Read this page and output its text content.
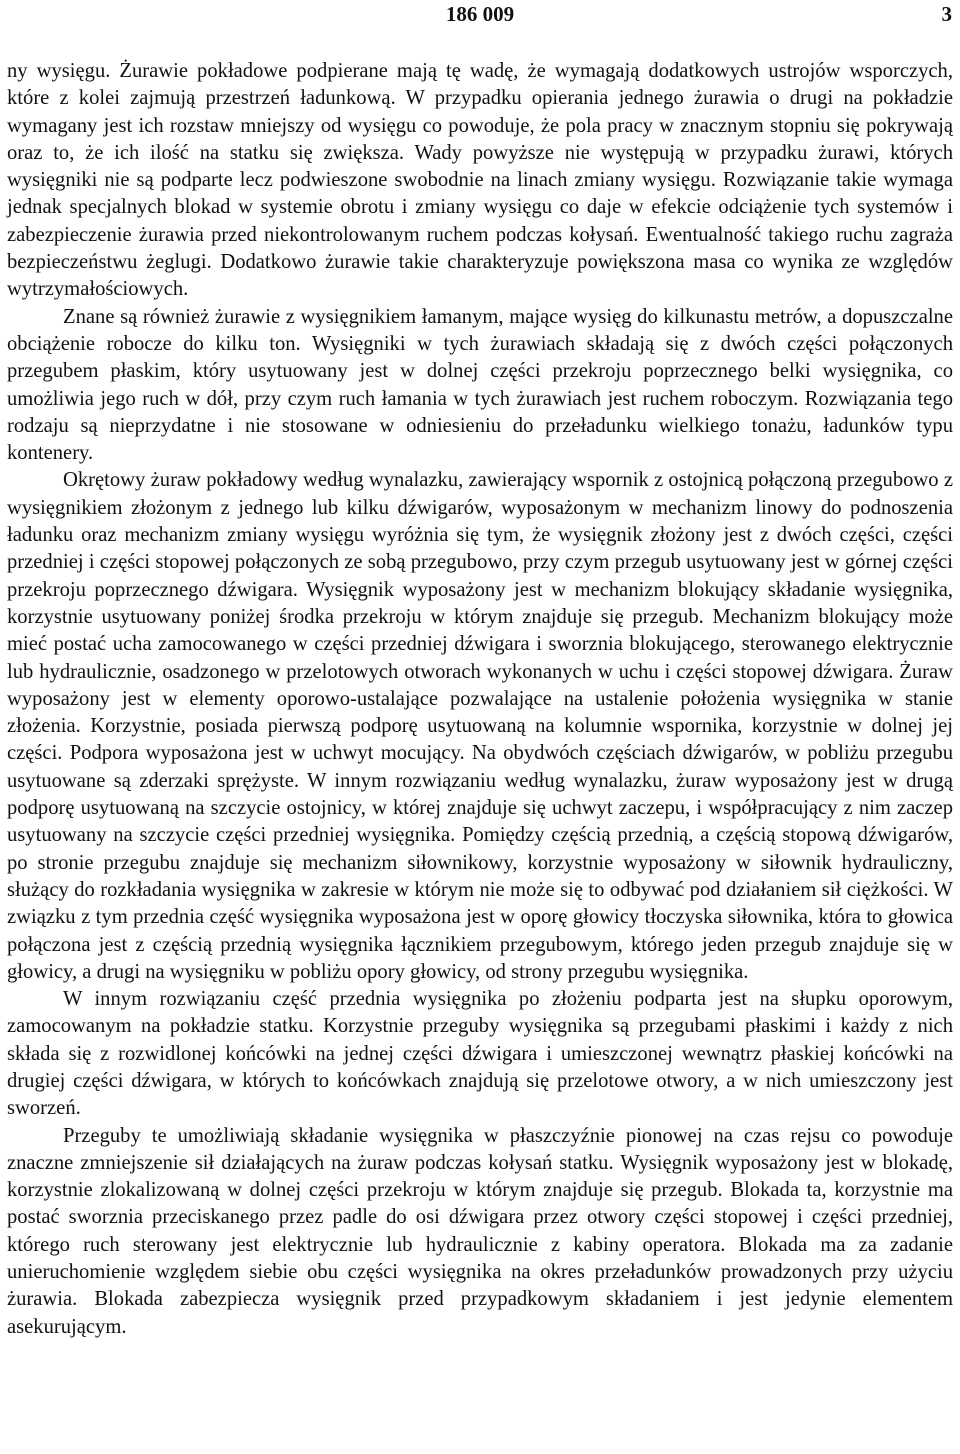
186 009	3

ny wysięgu. Żurawie pokładowe podpierane mają tę wadę, że wymagają dodatkowych ustrojów wsporczych, które z kolei zajmują przestrzeń ładunkową. W przypadku opierania jednego żurawia o drugi na pokładzie wymagany jest ich rozstaw mniejszy od wysięgu co powoduje, że pola pracy w znacznym stopniu się pokrywają oraz to, że ich ilość na statku się zwiększa. Wady powyższe nie występują w przypadku żurawi, których wysięgniki nie są podparte lecz podwieszone swobodnie na linach zmiany wysięgu. Rozwiązanie takie wymaga jednak specjalnych blokad w systemie obrotu i zmiany wysięgu co daje w efekcie odciążenie tych systemów i zabezpieczenie żurawia przed niekontrolowanym ruchem podczas kołysań. Ewentualność takiego ruchu zagraża bezpieczeństwu żeglugi. Dodatkowo żurawie takie charakteryzuje powiększona masa co wynika ze względów wytrzymałościowych.

Znane są również żurawie z wysięgnikiem łamanym, mające wysięg do kilkunastu metrów, a dopuszczalne obciążenie robocze do kilku ton. Wysięgniki w tych żurawiach składają się z dwóch części połączonych przegubem płaskim, który usytuowany jest w dolnej części przekroju poprzecznego belki wysięgnika, co umożliwia jego ruch w dół, przy czym ruch łamania w tych żurawiach jest ruchem roboczym. Rozwiązania tego rodzaju są nieprzydatne i nie stosowane w odniesieniu do przeładunku wielkiego tonażu, ładunków typu kontenery.

Okrętowy żuraw pokładowy według wynalazku, zawierający wspornik z ostojnicą połączoną przegubowo z wysięgnikiem złożonym z jednego lub kilku dźwigarów, wyposażonym w mechanizm linowy do podnoszenia ładunku oraz mechanizm zmiany wysięgu wyróżnia się tym, że wysięgnik złożony jest z dwóch części, części przedniej i części stopowej połączonych ze sobą przegubowo, przy czym przegub usytuowany jest w górnej części przekroju poprzecznego dźwigara. Wysięgnik wyposażony jest w mechanizm blokujący składanie wysięgnika, korzystnie usytuowany poniżej środka przekroju w którym znajduje się przegub. Mechanizm blokujący może mieć postać ucha zamocowanego w części przedniej dźwigara i sworznia blokującego, sterowanego elektrycznie lub hydraulicznie, osadzonego w przelotowych otworach wykonanych w uchu i części stopowej dźwigara. Żuraw wyposażony jest w elementy oporowo-ustalające pozwalające na ustalenie położenia wysięgnika w stanie złożenia. Korzystnie, posiada pierwszą podporę usytuowaną na kolumnie wspornika, korzystnie w dolnej jej części. Podpora wyposażona jest w uchwyt mocujący. Na obydwóch częściach dźwigarów, w pobliżu przegubu usytuowane są zderzaki sprężyste. W innym rozwiązaniu według wynalazku, żuraw wyposażony jest w drugą podporę usytuowaną na szczycie ostojnicy, w której znajduje się uchwyt zaczepu, i współpracujący z nim zaczep usytuowany na szczycie części przedniej wysięgnika. Pomiędzy częścią przednią, a częścią stopową dźwigarów, po stronie przegubu znajduje się mechanizm siłownikowy, korzystnie wyposażony w siłownik hydrauliczny, służący do rozkładania wysięgnika w zakresie w którym nie może się to odbywać pod działaniem sił ciężkości. W związku z tym przednia część wysięgnika wyposażona jest w oporę głowicy tłoczyska siłownika, która to głowica połączona jest z częścią przednią wysięgnika łącznikiem przegubowym, którego jeden przegub znajduje się w głowicy, a drugi na wysięgniku w pobliżu opory głowicy, od strony przegubu wysięgnika.

W innym rozwiązaniu część przednia wysięgnika po złożeniu podparta jest na słupku oporowym, zamocowanym na pokładzie statku. Korzystnie przeguby wysięgnika są przegubami płaskimi i każdy z nich składa się z rozwidlonej końcówki na jednej części dźwigara i umieszczonej wewnątrz płaskiej końcówki na drugiej części dźwigara, w których to końcówkach znajdują się przelotowe otwory, a w nich umieszczony jest sworzeń.

Przeguby te umożliwiają składanie wysięgnika w płaszczyźnie pionowej na czas rejsu co powoduje znaczne zmniejszenie sił działających na żuraw podczas kołysań statku. Wysięgnik wyposażony jest w blokadę, korzystnie zlokalizowaną w dolnej części przekroju w którym znajduje się przegub. Blokada ta, korzystnie ma postać sworznia przeciskanego przez padle do osi dźwigara przez otwory części stopowej i części przedniej, którego ruch sterowany jest elektrycznie lub hydraulicznie z kabiny operatora. Blokada ma za zadanie unieruchomienie względem siebie obu części wysięgnika na okres przeładunków prowadzonych przy użyciu żurawia. Blokada zabezpiecza wysięgnik przed przypadkowym składaniem i jest jedynie elementem asekurującym.
